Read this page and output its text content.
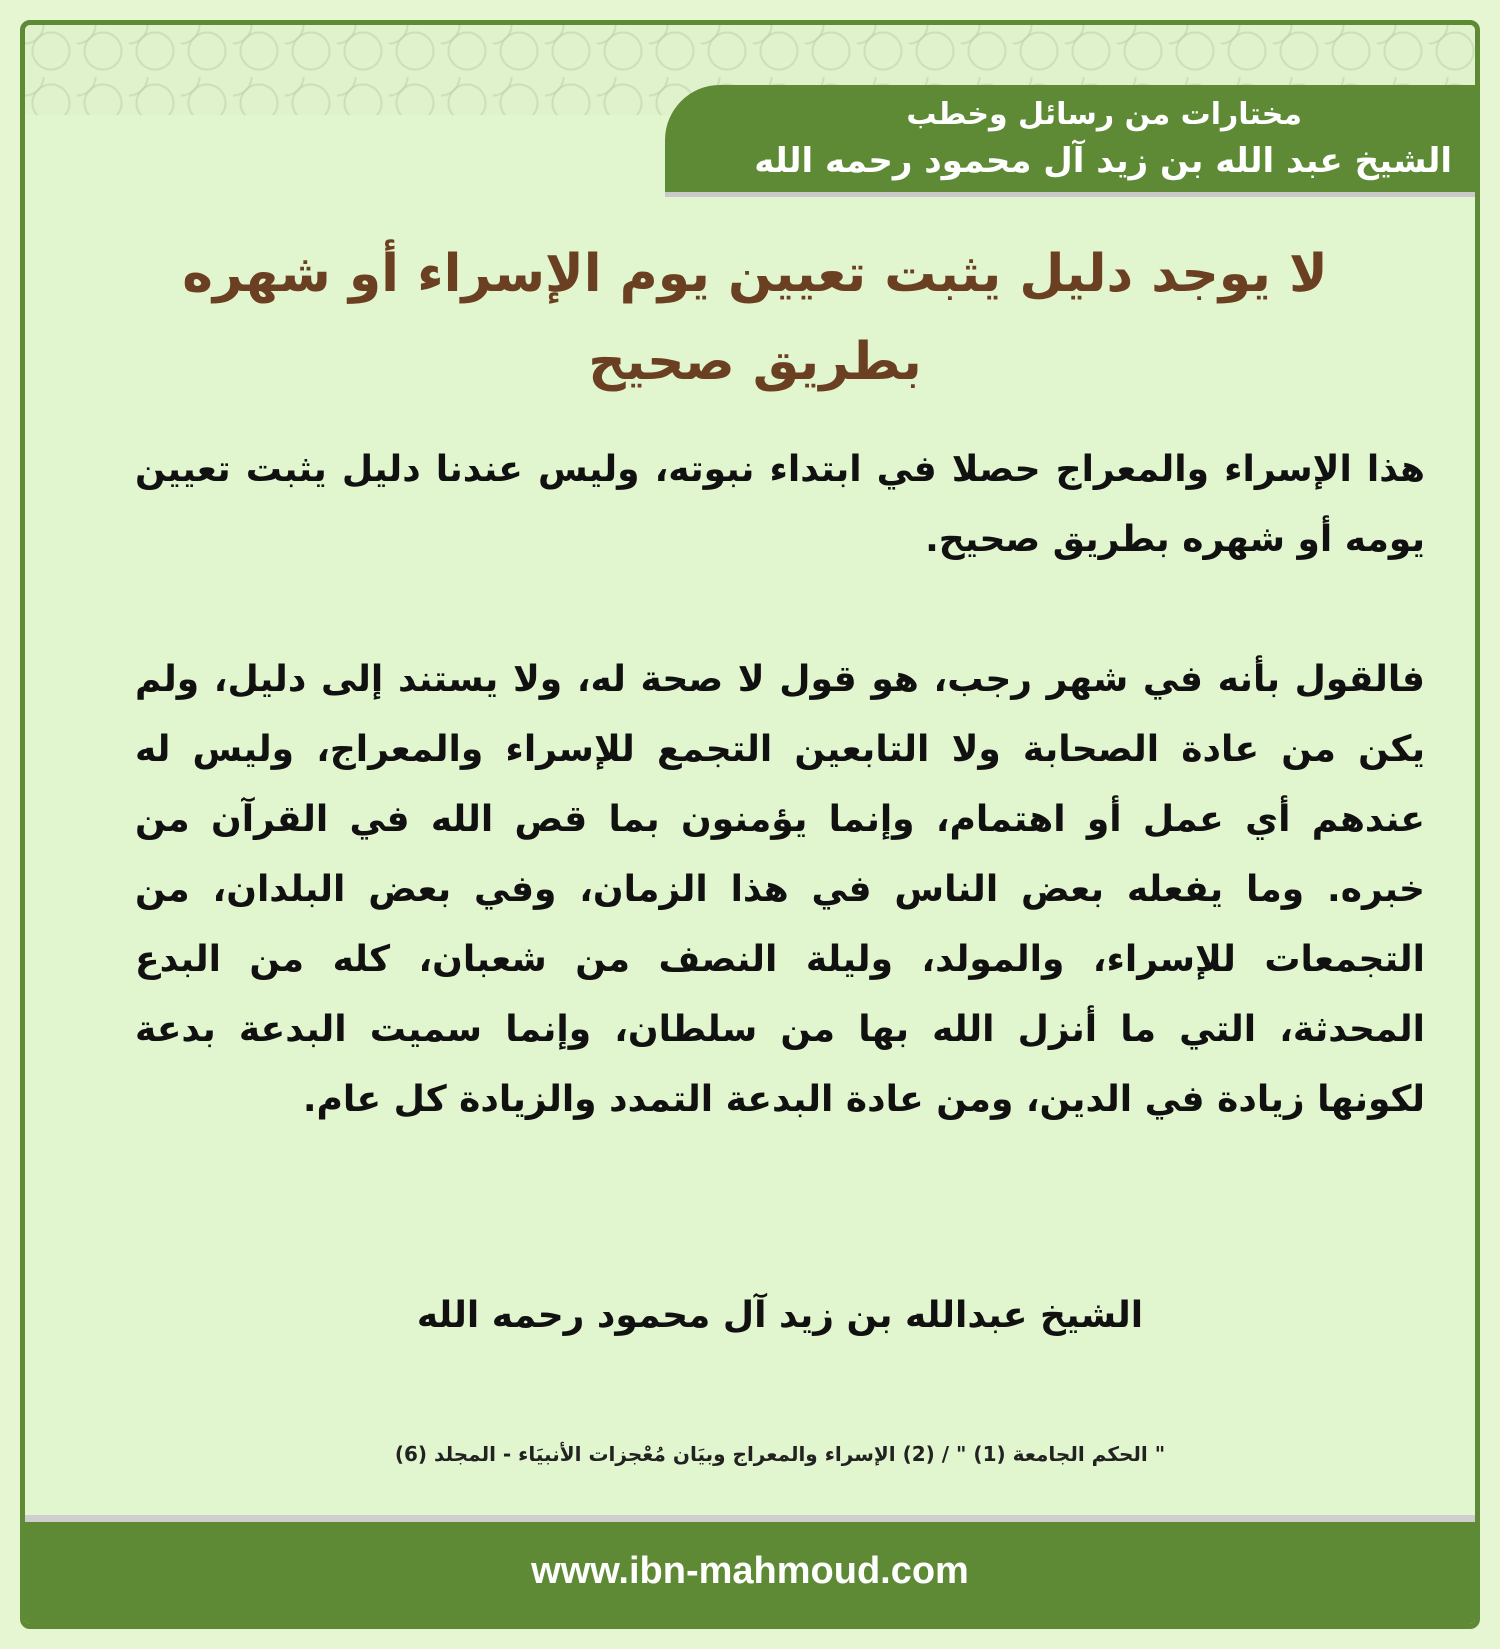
مختارات من رسائل وخطب
الشيخ عبد الله بن زيد آل محمود رحمه الله
لا يوجد دليل يثبت تعيين يوم الإسراء أو شهره
بطريق صحيح

هذا الإسراء والمعراج حصلا في ابتداء نبوته، وليس عندنا دليل يثبت تعيين يومه أو شهره بطريق صحيح.

فالقول بأنه في شهر رجب، هو قول لا صحة له، ولا يستند إلى دليل، ولم يكن من عادة الصحابة ولا التابعين التجمع للإسراء والمعراج، وليس له عندهم أي عمل أو اهتمام، وإنما يؤمنون بما قص الله في القرآن من خبره. وما يفعله بعض الناس في هذا الزمان، وفي بعض البلدان، من التجمعات للإسراء، والمولد، وليلة النصف من شعبان، كله من البدع المحدثة، التي ما أنزل الله بها من سلطان، وإنما سميت البدعة بدعة لكونها زيادة في الدين، ومن عادة البدعة التمدد والزيادة كل عام.

الشيخ عبدالله بن زيد آل محمود رحمه الله
" الحكم الجامعة (1) " / (2) الإسراء والمعراج وبيَان مُعْجزات الأنبيَاء - المجلد (6)
www.ibn-mahmoud.com
